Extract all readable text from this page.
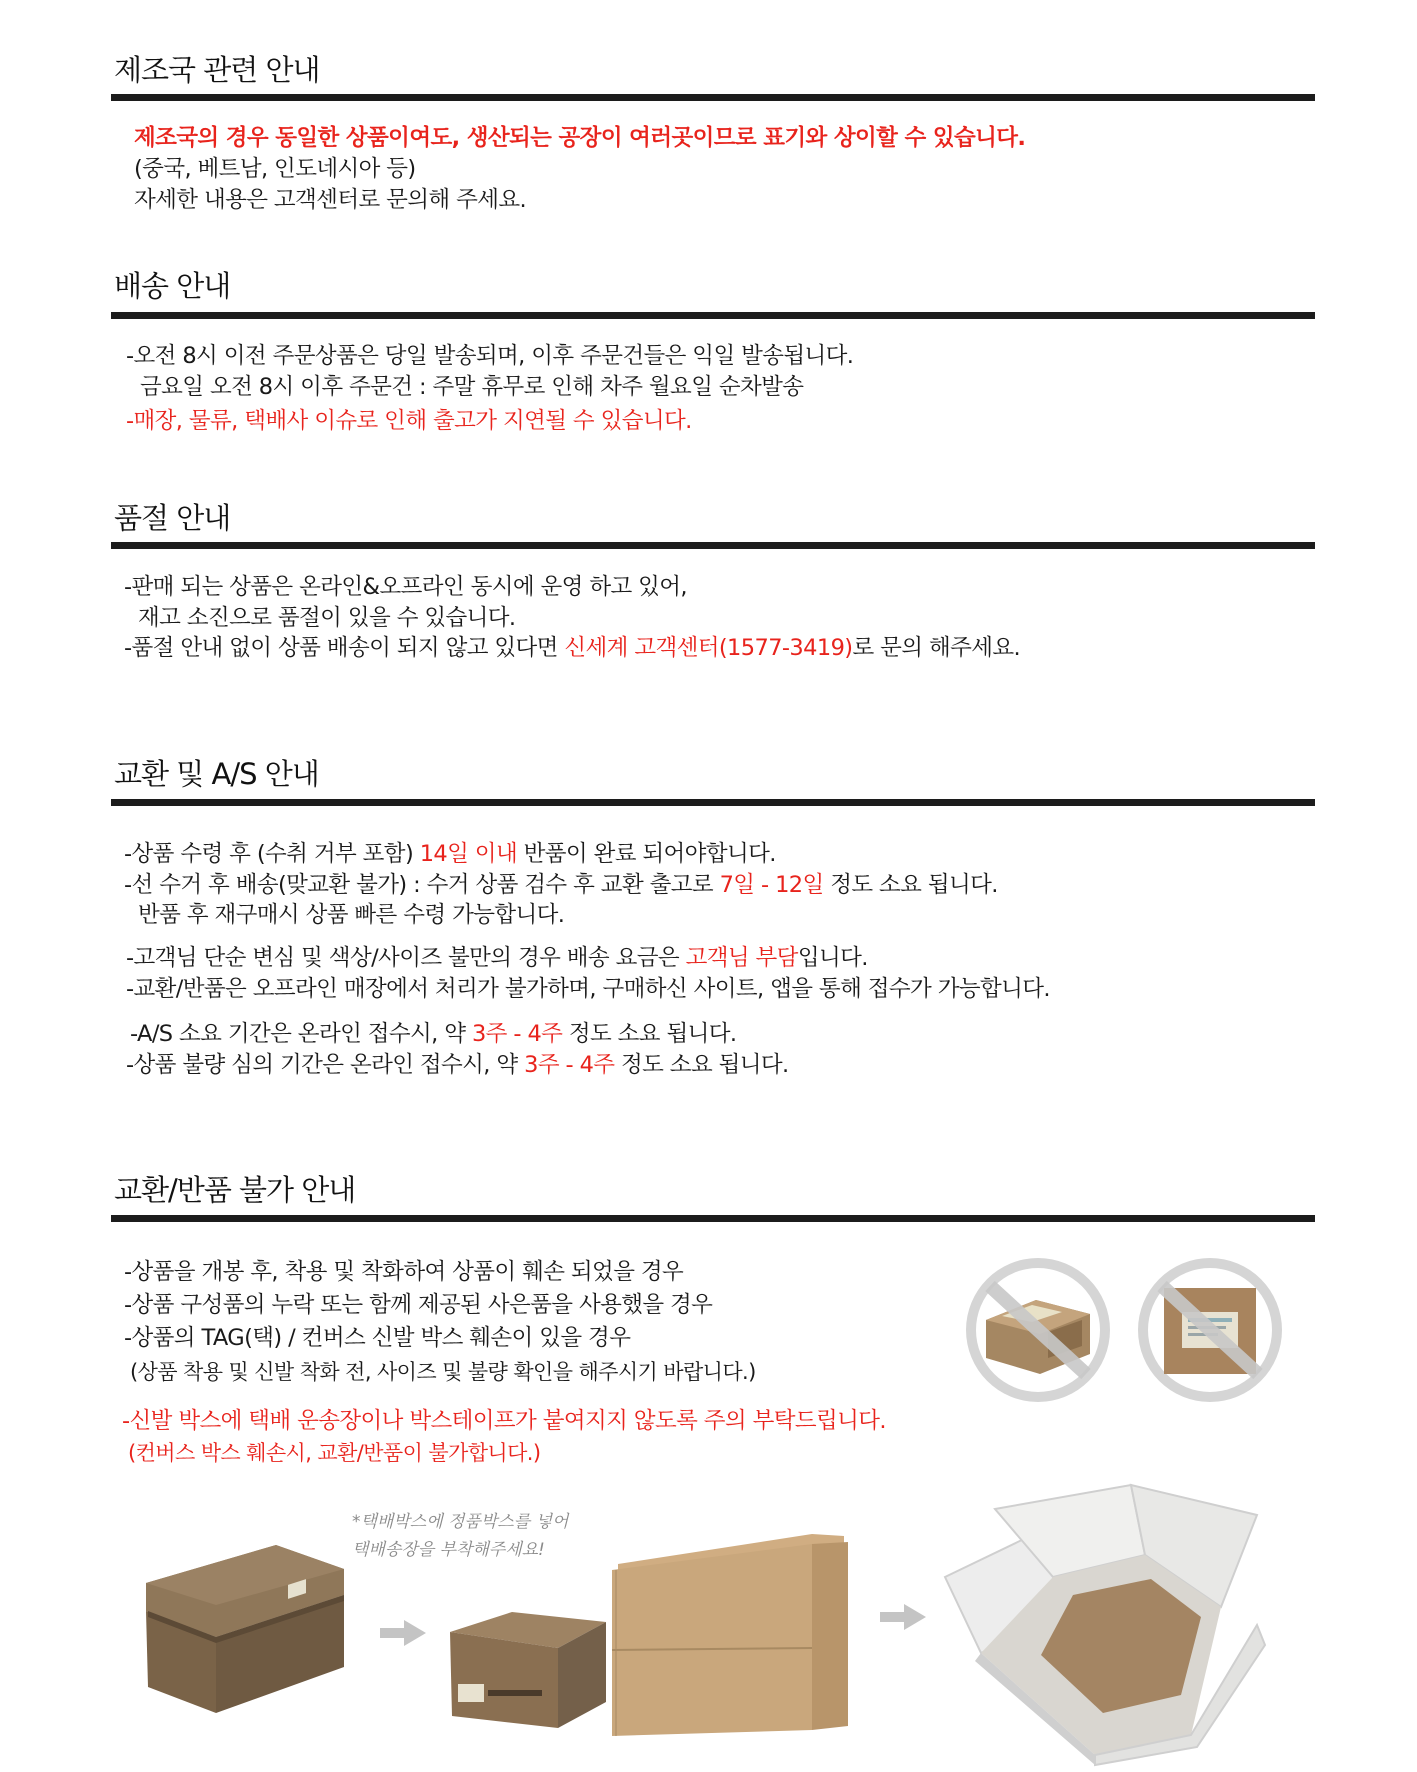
제조국 관련 안내
제조국의 경우 동일한 상품이여도, 생산되는 공장이 여러곳이므로 표기와 상이할 수 있습니다.
(중국, 베트남, 인도네시아 등)
자세한 내용은 고객센터로 문의해 주세요.
배송 안내
-오전 8시 이전 주문상품은 당일 발송되며, 이후 주문건들은 익일 발송됩니다.
금요일 오전 8시 이후 주문건 : 주말 휴무로 인해 차주 월요일 순차발송
-매장, 물류, 택배사 이슈로 인해 출고가 지연될 수 있습니다.
품절 안내
-판매 되는 상품은 온라인&오프라인 동시에 운영 하고 있어,
재고 소진으로 품절이 있을 수 있습니다.
-품절 안내 없이 상품 배송이 되지 않고 있다면 신세계 고객센터(1577-3419)로 문의 해주세요.
교환 및 A/S 안내
-상품 수령 후 (수취 거부 포함) 14일 이내 반품이 완료 되어야합니다.
-선 수거 후 배송(맞교환 불가) : 수거 상품 검수 후 교환 출고로 7일 - 12일 정도 소요 됩니다.
반품 후 재구매시 상품 빠른 수령 가능합니다.
-고객님 단순 변심 및 색상/사이즈 불만의 경우 배송 요금은 고객님 부담입니다.
-교환/반품은 오프라인 매장에서 처리가 불가하며, 구매하신 사이트, 앱을 통해 접수가 가능합니다.
-A/S 소요 기간은 온라인 접수시, 약 3주 - 4주 정도 소요 됩니다.
-상품 불량 심의 기간은 온라인 접수시, 약 3주 - 4주 정도 소요 됩니다.
교환/반품 불가 안내
-상품을 개봉 후, 착용 및 착화하여 상품이 훼손 되었을 경우
-상품 구성품의 누락 또는 함께 제공된 사은품을 사용했을 경우
-상품의 TAG(택) / 컨버스 신발 박스 훼손이 있을 경우
(상품 착용 및 신발 착화 전, 사이즈 및 불량 확인을 해주시기 바랍니다.)
-신발 박스에 택배 운송장이나 박스테이프가 붙여지지 않도록 주의 부탁드립니다.
(컨버스 박스 훼손시, 교환/반품이 불가합니다.)
*택배박스에 정품박스를 넣어
택배송장을 부착해주세요!
